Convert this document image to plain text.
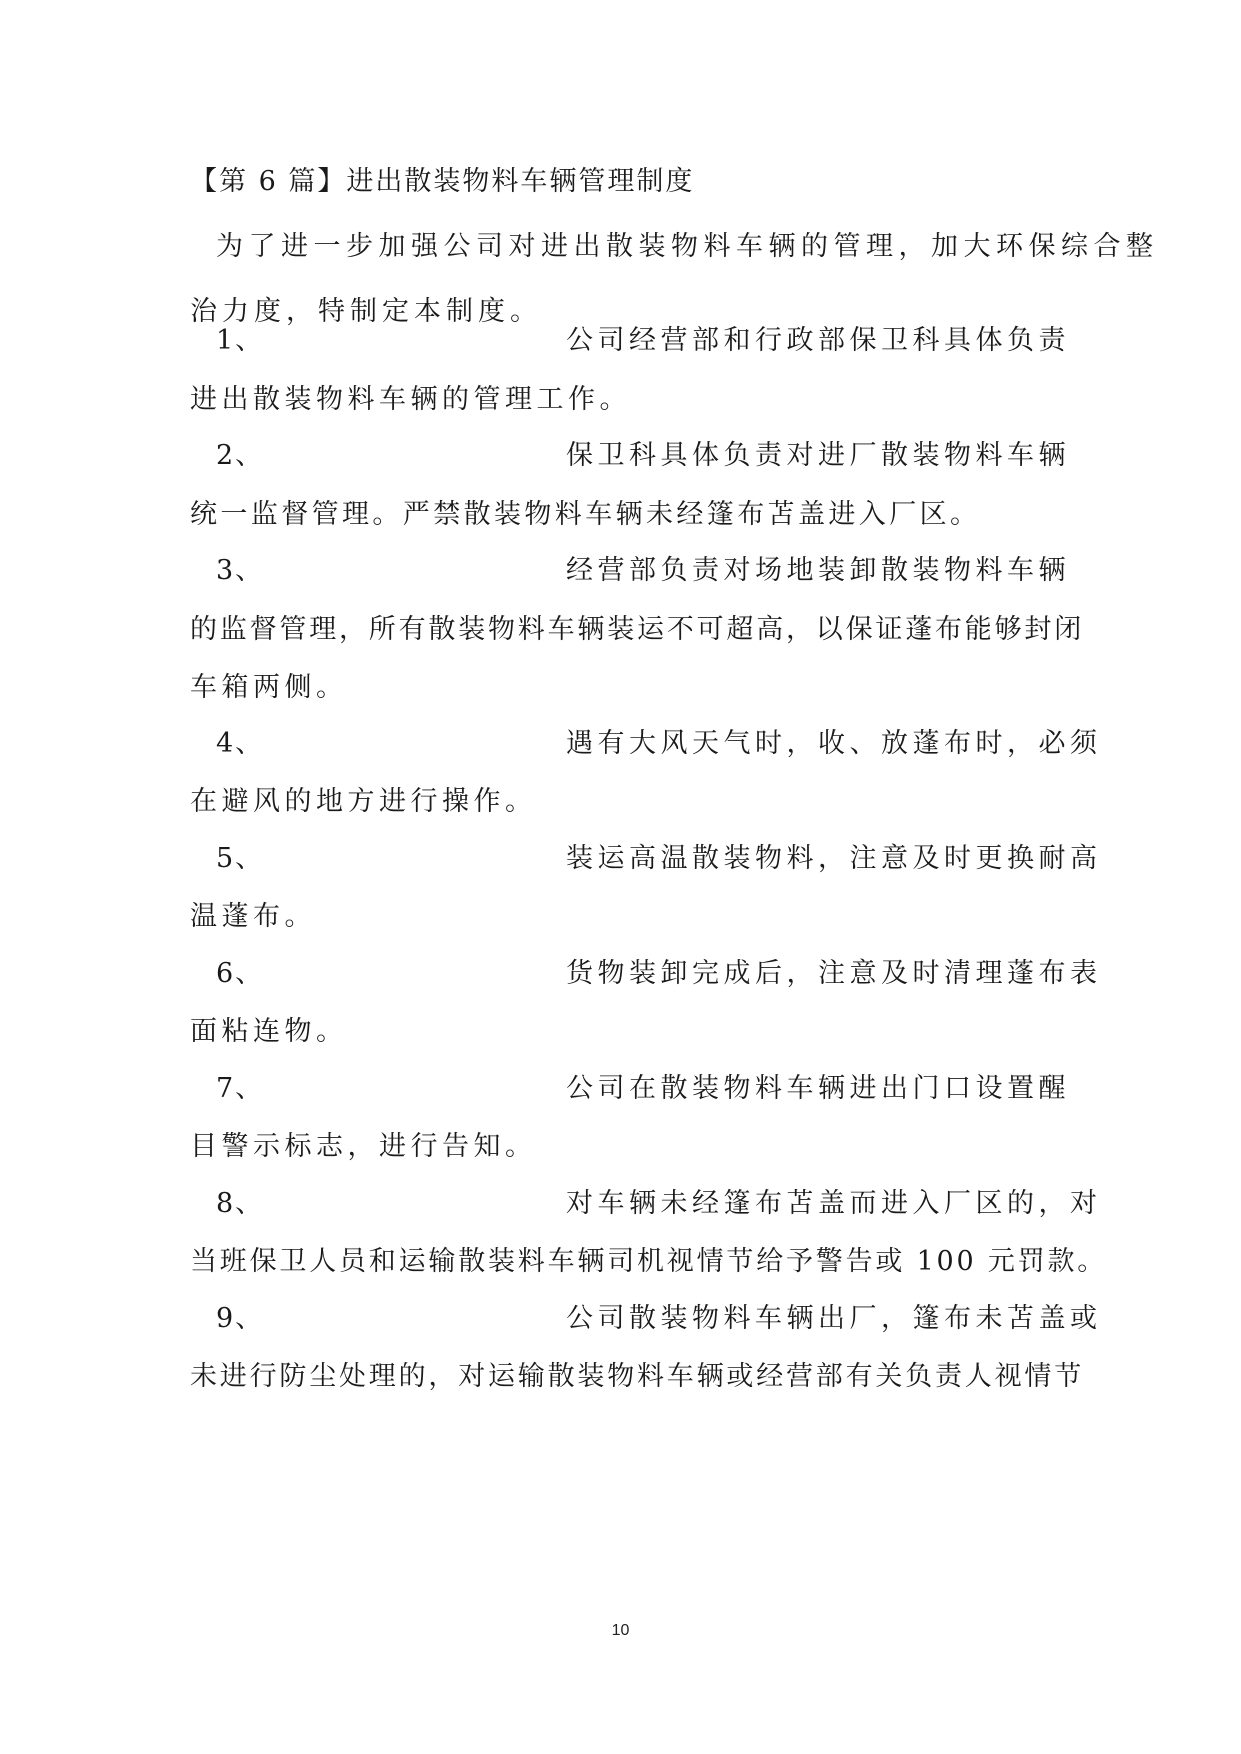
【第 6 篇】进出散装物料车辆管理制度
为了进一步加强公司对进出散装物料车辆的管理，加大环保综合整
治力度，特制定本制度。
1、	公司经营部和行政部保卫科具体负责
进出散装物料车辆的管理工作。
2、	保卫科具体负责对进厂散装物料车辆
统一监督管理。严禁散装物料车辆未经篷布苫盖进入厂区。
3、	经营部负责对场地装卸散装物料车辆
的监督管理，所有散装物料车辆装运不可超高，以保证蓬布能够封闭
车箱两侧。
4、	遇有大风天气时，收、放蓬布时，必须
在避风的地方进行操作。
5、	装运高温散装物料，注意及时更换耐高
温蓬布。
6、	货物装卸完成后，注意及时清理蓬布表
面粘连物。
7、	公司在散装物料车辆进出门口设置醒
目警示标志，进行告知。
8、	对车辆未经篷布苫盖而进入厂区的，对
当班保卫人员和运输散装料车辆司机视情节给予警告或 100 元罚款。
9、	公司散装物料车辆出厂，篷布未苫盖或
未进行防尘处理的，对运输散装物料车辆或经营部有关负责人视情节
10
